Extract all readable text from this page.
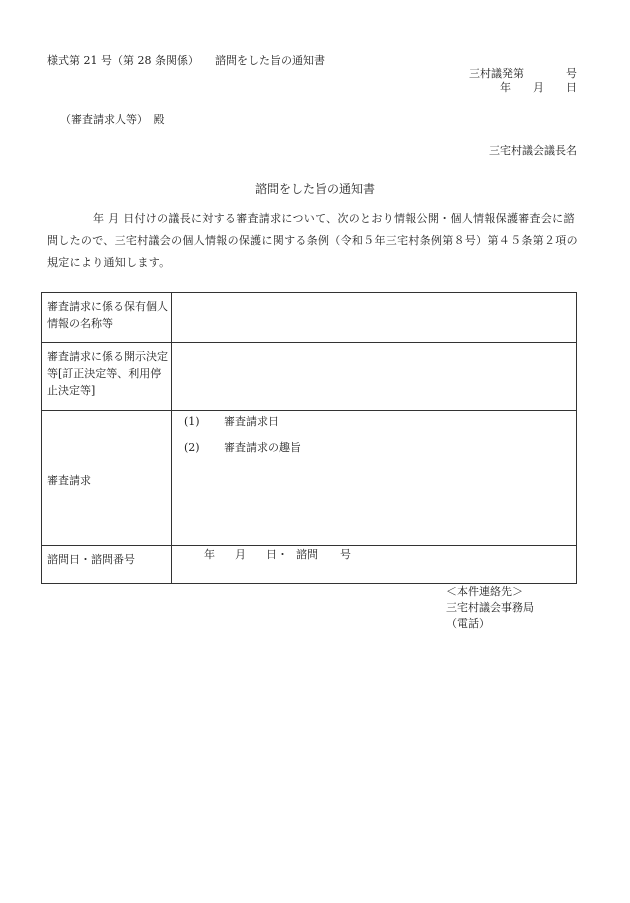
様式第 21 号（第 28 条関係） 諮問をした旨の通知書
三村議発第	号
年 月 日
（審査請求人等）　殿
三宅村議会議長名
諮問をした旨の通知書
年 月 日付けの議長に対する審査請求について、次のとおり情報公開・個人情報保護審査会に諮問したので、三宅村議会の個人情報の保護に関する条例（令和５年三宅村条例第８号）第４５条第２項の規定により通知します。
審査請求に係る保有個人情報の名称等	
審査請求に係る開示決定等[訂正決定等、利用停止決定等]	
審査請求	(1) 審査請求日
(2) 審査請求の趣旨

諮問日・諮問番号	年 月 日・ 諮問 号
＜本件連絡先＞
三宅村議会事務局
（電話）
